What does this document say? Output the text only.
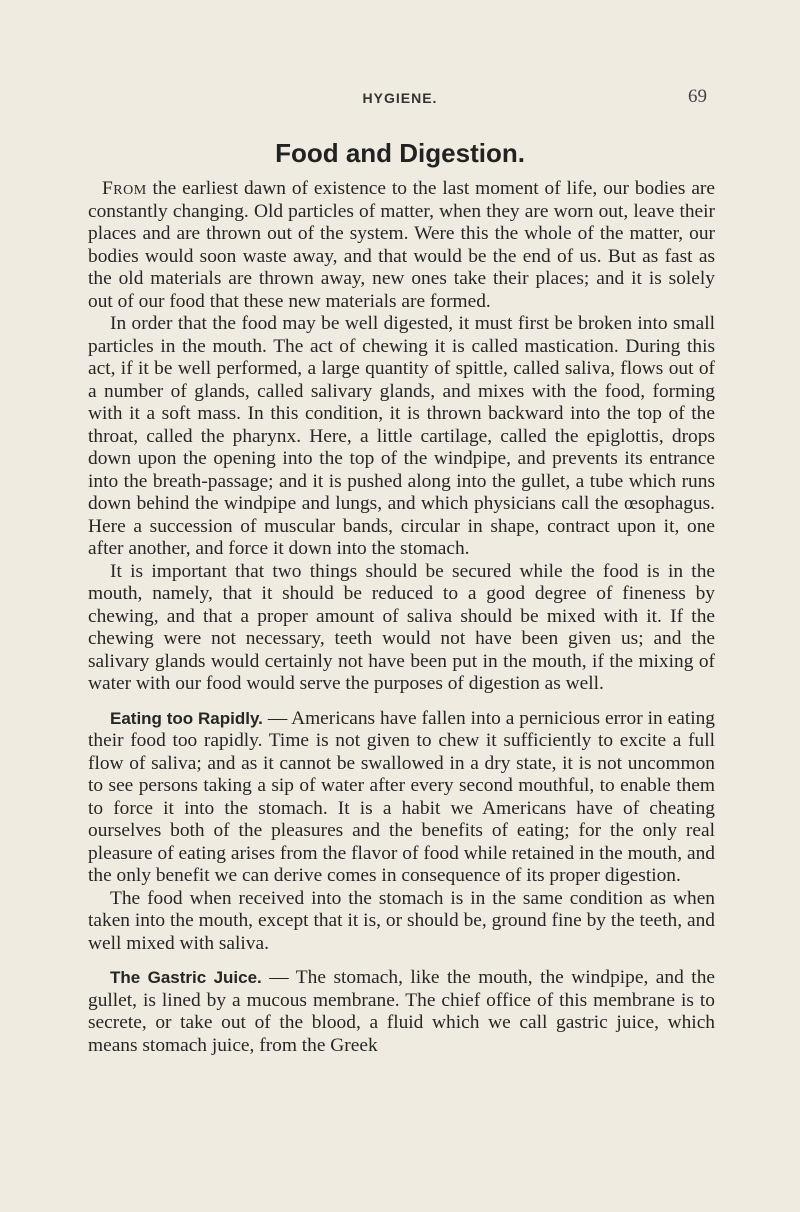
HYGIENE.	69
Food and Digestion.

From the earliest dawn of existence to the last moment of life, our bodies are constantly changing. Old particles of matter, when they are worn out, leave their places and are thrown out of the system. Were this the whole of the matter, our bodies would soon waste away, and that would be the end of us. But as fast as the old materials are thrown away, new ones take their places; and it is solely out of our food that these new materials are formed.

In order that the food may be well digested, it must first be broken into small particles in the mouth. The act of chewing it is called mastication. During this act, if it be well performed, a large quantity of spittle, called saliva, flows out of a number of glands, called salivary glands, and mixes with the food, forming with it a soft mass. In this condition, it is thrown backward into the top of the throat, called the pharynx. Here, a little cartilage, called the epiglottis, drops down upon the opening into the top of the windpipe, and prevents its entrance into the breath-passage; and it is pushed along into the gullet, a tube which runs down behind the windpipe and lungs, and which physicians call the œsophagus. Here a succession of muscular bands, circular in shape, contract upon it, one after another, and force it down into the stomach.

It is important that two things should be secured while the food is in the mouth, namely, that it should be reduced to a good degree of fineness by chewing, and that a proper amount of saliva should be mixed with it. If the chewing were not necessary, teeth would not have been given us; and the salivary glands would certainly not have been put in the mouth, if the mixing of water with our food would serve the purposes of digestion as well.

Eating too Rapidly. — Americans have fallen into a pernicious error in eating their food too rapidly. Time is not given to chew it sufficiently to excite a full flow of saliva; and as it cannot be swallowed in a dry state, it is not uncommon to see persons taking a sip of water after every second mouthful, to enable them to force it into the stomach. It is a habit we Americans have of cheating ourselves both of the pleasures and the benefits of eating; for the only real pleasure of eating arises from the flavor of food while retained in the mouth, and the only benefit we can derive comes in consequence of its proper digestion.

The food when received into the stomach is in the same condition as when taken into the mouth, except that it is, or should be, ground fine by the teeth, and well mixed with saliva.

The Gastric Juice. — The stomach, like the mouth, the windpipe, and the gullet, is lined by a mucous membrane. The chief office of this membrane is to secrete, or take out of the blood, a fluid which we call gastric juice, which means stomach juice, from the Greek
